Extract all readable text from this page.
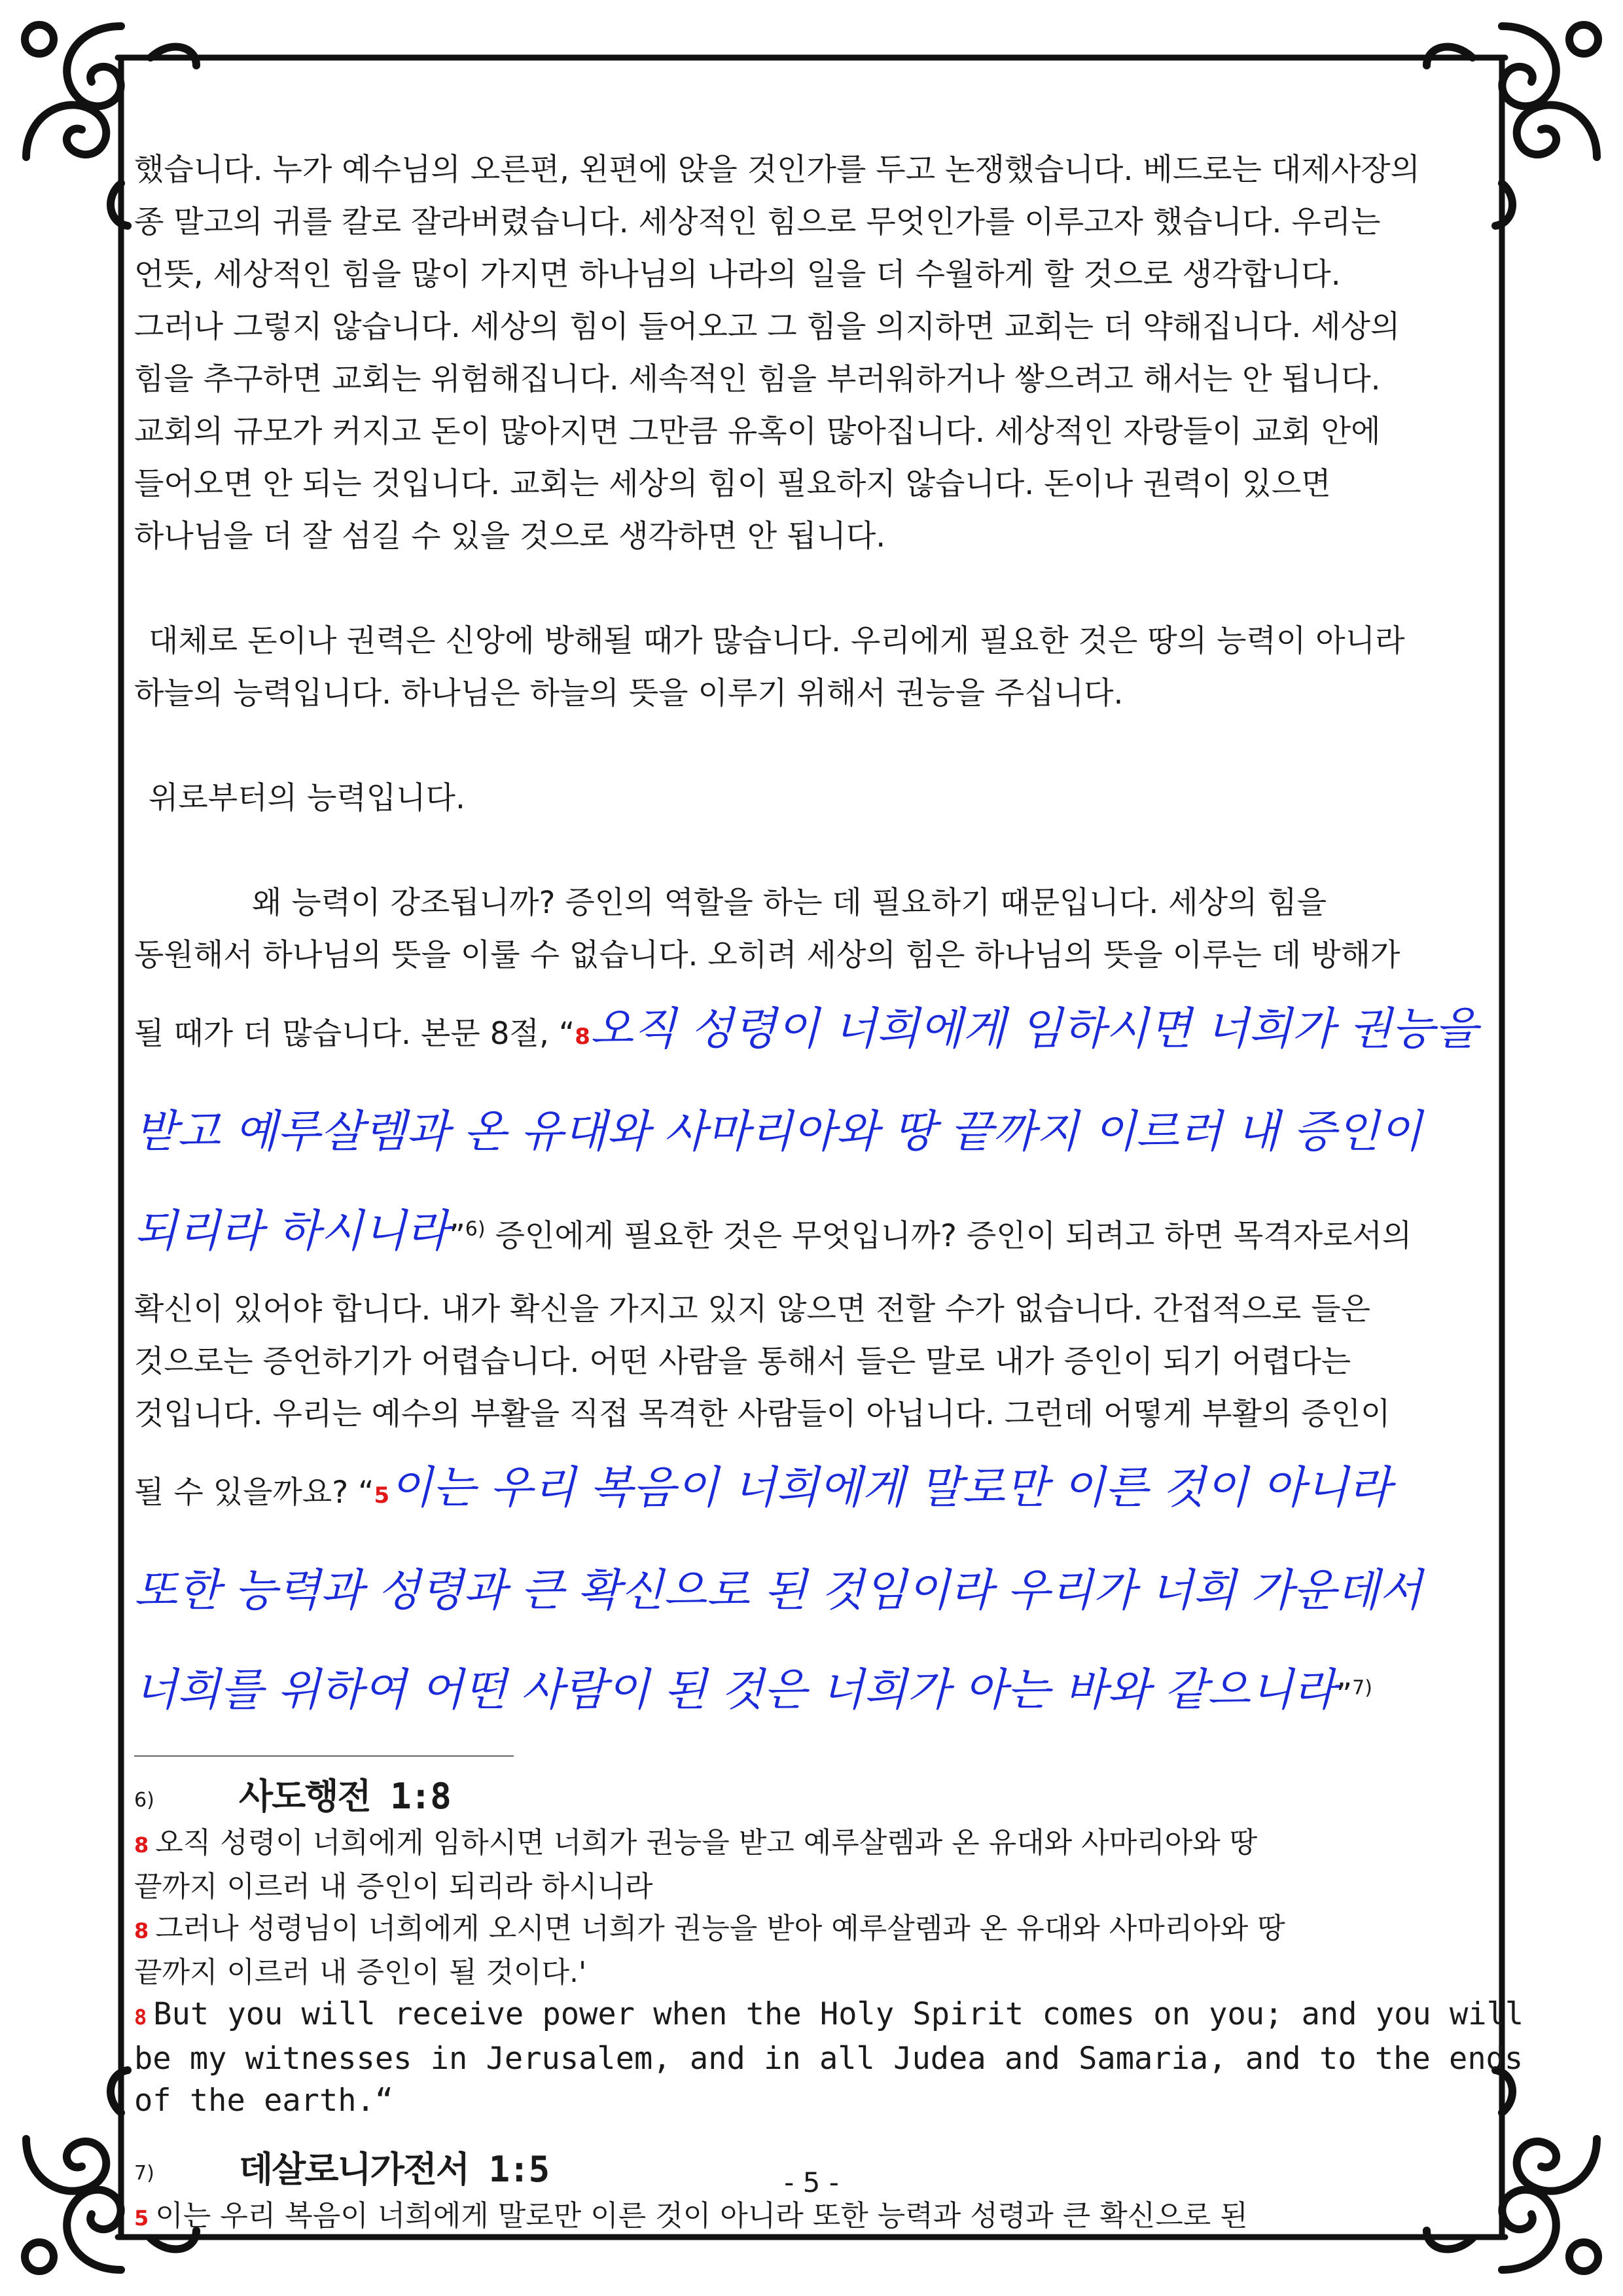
했습니다. 누가 예수님의 오른편, 왼편에 앉을 것인가를 두고 논쟁했습니다. 베드로는 대제사장의

종 말고의 귀를 칼로 잘라버렸습니다. 세상적인 힘으로 무엇인가를 이루고자 했습니다. 우리는

언뜻, 세상적인 힘을 많이 가지면 하나님의 나라의 일을 더 수월하게 할 것으로 생각합니다.

그러나 그렇지 않습니다. 세상의 힘이 들어오고 그 힘을 의지하면 교회는 더 약해집니다. 세상의

힘을 추구하면 교회는 위험해집니다. 세속적인 힘을 부러워하거나 쌓으려고 해서는 안 됩니다.

교회의 규모가 커지고 돈이 많아지면 그만큼 유혹이 많아집니다. 세상적인 자랑들이 교회 안에

들어오면 안 되는 것입니다. 교회는 세상의 힘이 필요하지 않습니다. 돈이나 권력이 있으면

하나님을 더 잘 섬길 수 있을 것으로 생각하면 안 됩니다.

대체로 돈이나 권력은 신앙에 방해될 때가 많습니다. 우리에게 필요한 것은 땅의 능력이 아니라

하늘의 능력입니다. 하나님은 하늘의 뜻을 이루기 위해서 권능을 주십니다.

위로부터의 능력입니다.

왜 능력이 강조됩니까? 증인의 역할을 하는 데 필요하기 때문입니다. 세상의 힘을

동원해서 하나님의 뜻을 이룰 수 없습니다. 오히려 세상의 힘은 하나님의 뜻을 이루는 데 방해가

될 때가 더 많습니다. 본문 8절, “8오직 성령이 너희에게 임하시면 너희가 권능을

받고 예루살렘과 온 유대와 사마리아와 땅 끝까지 이르러 내 증인이

되리라 하시니라”$^{6)}$ 증인에게 필요한 것은 무엇입니까? 증인이 되려고 하면 목격자로서의

확신이 있어야 합니다. 내가 확신을 가지고 있지 않으면 전할 수가 없습니다. 간접적으로 들은

것으로는 증언하기가 어렵습니다. 어떤 사람을 통해서 들은 말로 내가 증인이 되기 어렵다는

것입니다. 우리는 예수의 부활을 직접 목격한 사람들이 아닙니다. 그런데 어떻게 부활의 증인이

될 수 있을까요? “5이는 우리 복음이 너희에게 말로만 이른 것이 아니라

또한 능력과 성령과 큰 확신으로 된 것임이라 우리가 너희 가운데서

너희를 위하여 어떤 사람이 된 것은 너희가 아는 바와 같으니라”$^{7)}$

6) 사도행전 1:8

8 오직 성령이 너희에게 임하시면 너희가 권능을 받고 예루살렘과 온 유대와 사마리아와 땅

끝까지 이르러 내 증인이 되리라 하시니라

8 그러나 성령님이 너희에게 오시면 너희가 권능을 받아 예루살렘과 온 유대와 사마리아와 땅

끝까지 이르러 내 증인이 될 것이다.'

8 But you will receive power when the Holy Spirit comes on you; and you will

be my witnesses in Jerusalem, and in all Judea and Samaria, and to the ends

of the earth.“

7) 데살로니가전서 1:5

5 이는 우리 복음이 너희에게 말로만 이른 것이 아니라 또한 능력과 성령과 큰 확신으로 된

- 5 -
